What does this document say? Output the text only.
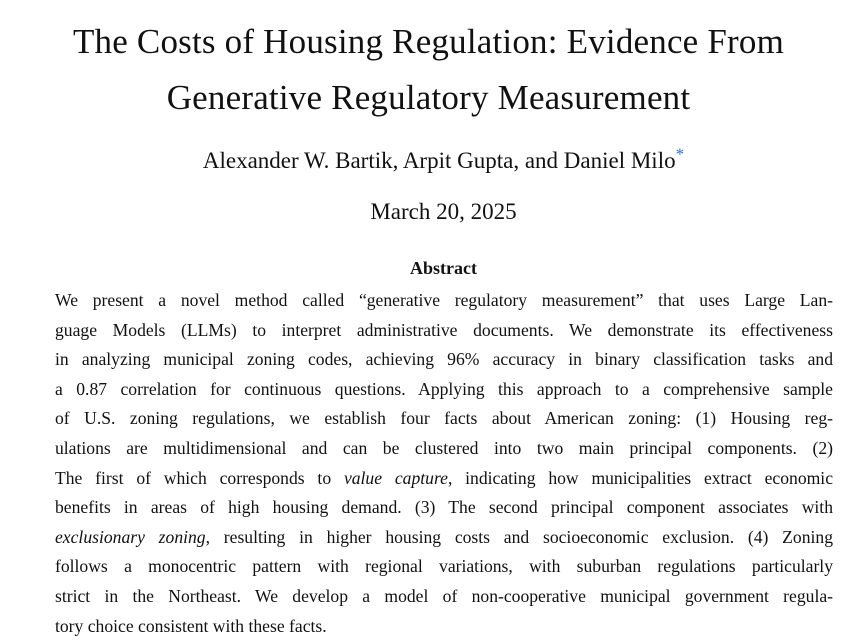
The Costs of Housing Regulation: Evidence From
Generative Regulatory Measurement
Alexander W. Bartik, Arpit Gupta, and Daniel Milo*
March 20, 2025
Abstract
We present a novel method called “generative regulatory measurement” that uses Large Lan-
guage Models (LLMs) to interpret administrative documents. We demonstrate its effectiveness
in analyzing municipal zoning codes, achieving 96% accuracy in binary classification tasks and
a 0.87 correlation for continuous questions. Applying this approach to a comprehensive sample
of U.S. zoning regulations, we establish four facts about American zoning: (1) Housing reg-
ulations are multidimensional and can be clustered into two main principal components. (2)
The first of which corresponds to value capture, indicating how municipalities extract economic
benefits in areas of high housing demand. (3) The second principal component associates with
exclusionary zoning, resulting in higher housing costs and socioeconomic exclusion. (4) Zoning
follows a monocentric pattern with regional variations, with suburban regulations particularly
strict in the Northeast. We develop a model of non-cooperative municipal government regula-
tory choice consistent with these facts.
